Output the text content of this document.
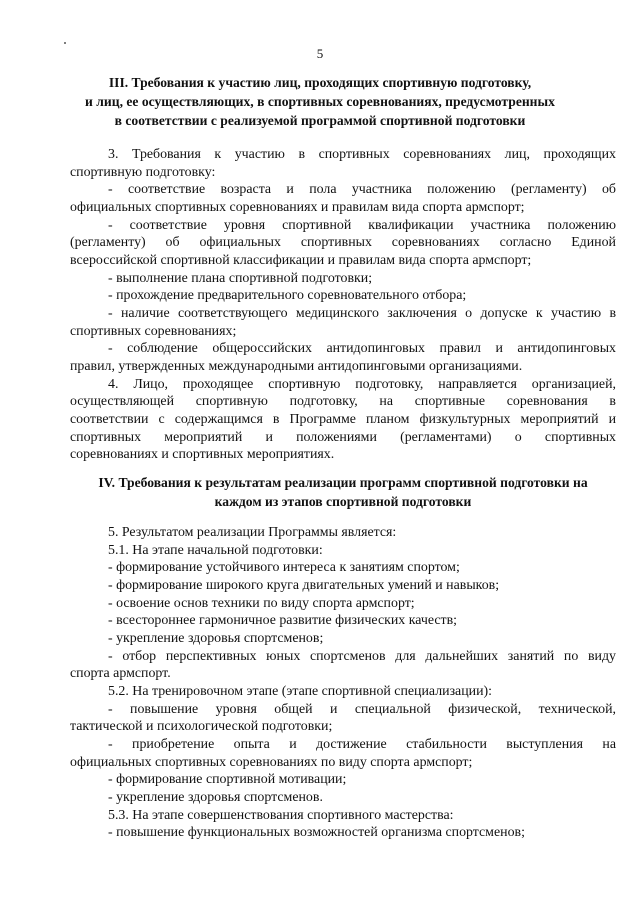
5
III. Требования к участию лиц, проходящих спортивную подготовку,
и лиц, ее осуществляющих, в спортивных соревнованиях, предусмотренных
в соответствии с реализуемой программой спортивной подготовки

3. Требования к участию в спортивных соревнованиях лиц, проходящих

спортивную подготовку:

- соответствие возраста и пола участника положению (регламенту) об

официальных спортивных соревнованиях и правилам вида спорта армспорт;

- соответствие уровня спортивной квалификации участника положению

(регламенту) об официальных спортивных соревнованиях согласно Единой

всероссийской спортивной классификации и правилам вида спорта армспорт;

- выполнение плана спортивной подготовки;

- прохождение предварительного соревновательного отбора;

- наличие соответствующего медицинского заключения о допуске к участию в

спортивных соревнованиях;

- соблюдение общероссийских антидопинговых правил и антидопинговых

правил, утвержденных международными антидопинговыми организациями.

4. Лицо, проходящее спортивную подготовку, направляется организацией,

осуществляющей спортивную подготовку, на спортивные соревнования в

соответствии с содержащимся в Программе планом физкультурных мероприятий и

спортивных мероприятий и положениями (регламентами) о спортивных

соревнованиях и спортивных мероприятиях.

IV. Требования к результатам реализации программ спортивной подготовки на
каждом из этапов спортивной подготовки

5. Результатом реализации Программы является:

5.1. На этапе начальной подготовки:

- формирование устойчивого интереса к занятиям спортом;

- формирование широкого круга двигательных умений и навыков;

- освоение основ техники по виду спорта армспорт;

- всестороннее гармоничное развитие физических качеств;

- укрепление здоровья спортсменов;

- отбор перспективных юных спортсменов для дальнейших занятий по виду

спорта армспорт.

5.2. На тренировочном этапе (этапе спортивной специализации):

- повышение уровня общей и специальной физической, технической,

тактической и психологической подготовки;

- приобретение опыта и достижение стабильности выступления на

официальных спортивных соревнованиях по виду спорта армспорт;

- формирование спортивной мотивации;

- укрепление здоровья спортсменов.

5.3. На этапе совершенствования спортивного мастерства:

- повышение функциональных возможностей организма спортсменов;
